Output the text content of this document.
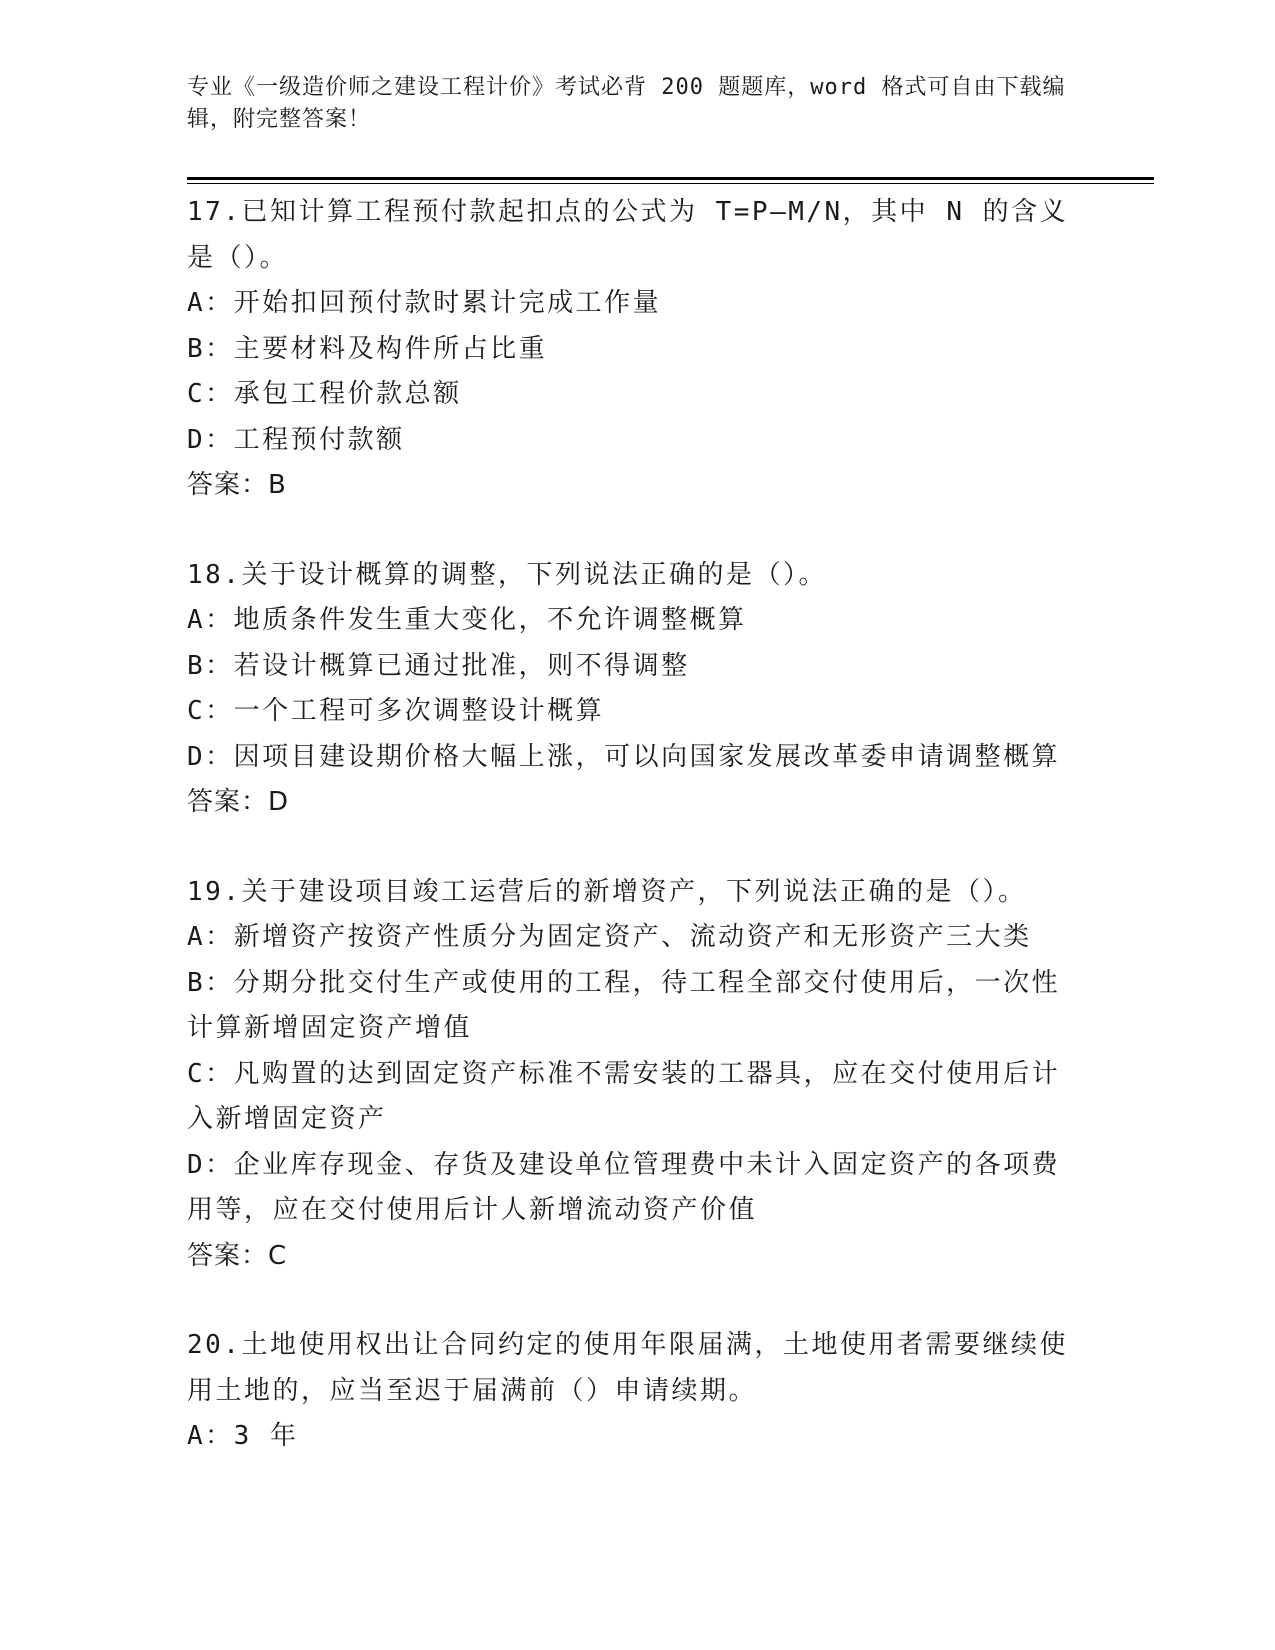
专业《一级造价师之建设工程计价》考试必背 200 题题库，word 格式可自由下载编辑，附完整答案！

17.已知计算工程预付款起扣点的公式为 T=P—M/N，其中 N 的含义是（）。

A：开始扣回预付款时累计完成工作量

B：主要材料及构件所占比重

C：承包工程价款总额

D：工程预付款额

答案：B

18.关于设计概算的调整，下列说法正确的是（）。

A：地质条件发生重大变化，不允许调整概算

B：若设计概算已通过批准，则不得调整

C：一个工程可多次调整设计概算

D：因项目建设期价格大幅上涨，可以向国家发展改革委申请调整概算

答案：D

19.关于建设项目竣工运营后的新增资产，下列说法正确的是（）。

A：新增资产按资产性质分为固定资产、流动资产和无形资产三大类

B：分期分批交付生产或使用的工程，待工程全部交付使用后，一次性计算新增固定资产增值

C：凡购置的达到固定资产标准不需安装的工器具，应在交付使用后计入新增固定资产

D：企业库存现金、存货及建设单位管理费中未计入固定资产的各项费用等，应在交付使用后计人新增流动资产价值

答案：C

20.土地使用权出让合同约定的使用年限届满，土地使用者需要继续使用土地的，应当至迟于届满前（）申请续期。

A：3 年
